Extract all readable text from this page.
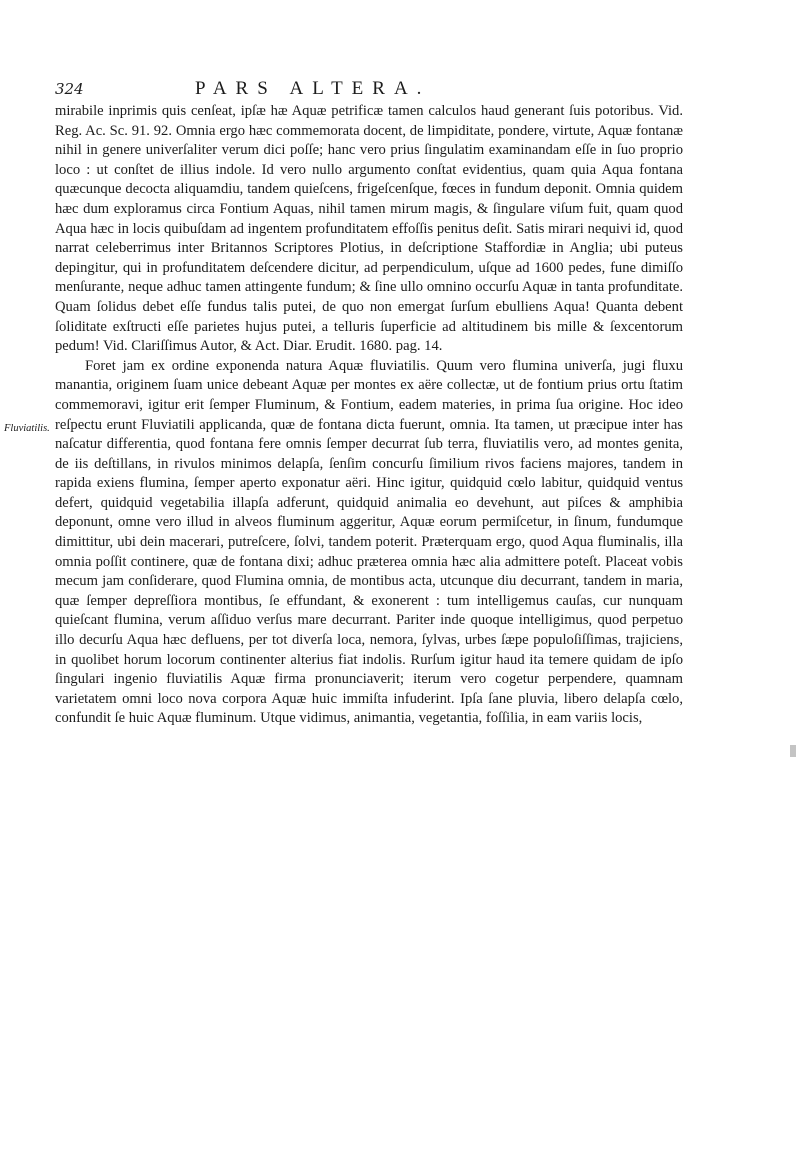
324	PARS ALTERA.
Fluviatilis.

mirabile inprimis quis cenſeat, ipſæ hæ Aquæ petrificæ tamen calculos haud generant ſuis potoribus. Vid. Reg. Ac. Sc. 91. 92. Omnia ergo hæc commemorata docent, de limpiditate, pondere, virtute, Aquæ fontanæ nihil in genere univerſaliter verum dici poſſe; hanc vero prius ſingulatim examinandam eſſe in ſuo proprio loco : ut conſtet de illius indole. Id vero nullo argumento conſtat evidentius, quam quia Aqua fontana quæcunque decocta aliquamdiu, tandem quieſcens, frigeſcenſque, fœces in fundum deponit. Omnia quidem hæc dum exploramus circa Fontium Aquas, nihil tamen mirum magis, & ſingulare viſum fuit, quam quod Aqua hæc in locis quibuſdam ad ingentem profunditatem effoſſis penitus deſit. Satis mirari nequivi id, quod narrat celeberrimus inter Britannos Scriptores Plotius, in deſcriptione Staffordiæ in Anglia; ubi puteus depingitur, qui in profunditatem deſcendere dicitur, ad perpendiculum, uſque ad 1600 pedes, fune dimiſſo menſurante, neque adhuc tamen attingente fundum; & ſine ullo omnino occurſu Aquæ in tanta profunditate. Quam ſolidus debet eſſe fundus talis putei, de quo non emergat ſurſum ebulliens Aqua! Quanta debent ſoliditate exſtructi eſſe parietes hujus putei, a telluris ſuperficie ad altitudinem bis mille & ſexcentorum pedum! Vid. Clariſſimus Autor, & Act. Diar. Erudit. 1680. pag. 14.

Foret jam ex ordine exponenda natura Aquæ fluviatilis. Quum vero flumina univerſa, jugi fluxu manantia, originem ſuam unice debeant Aquæ per montes ex aëre collectæ, ut de fontium prius ortu ſtatim commemoravi, igitur erit ſemper Fluminum, & Fontium, eadem materies, in prima ſua origine. Hoc ideo reſpectu erunt Fluviatili applicanda, quæ de fontana dicta fuerunt, omnia. Ita tamen, ut præcipue inter has naſcatur differentia, quod fontana fere omnis ſemper decurrat ſub terra, fluviatilis vero, ad montes genita, de iis deſtillans, in rivulos minimos delapſa, ſenſim concurſu ſimilium rivos faciens majores, tandem in rapida exiens flumina, ſemper aperto exponatur aëri. Hinc igitur, quidquid cœlo labitur, quidquid ventus defert, quidquid vegetabilia illapſa adferunt, quidquid animalia eo devehunt, aut piſces & amphibia deponunt, omne vero illud in alveos fluminum aggeritur, Aquæ eorum permiſcetur, in ſinum, fundumque dimittitur, ubi dein macerari, putreſcere, ſolvi, tandem poterit. Præterquam ergo, quod Aqua fluminalis, illa omnia poſſit continere, quæ de fontana dixi; adhuc præterea omnia hæc alia admittere poteſt. Placeat vobis mecum jam conſiderare, quod Flumina omnia, de montibus acta, utcunque diu decurrant, tandem in maria, quæ ſemper depreſſiora montibus, ſe effundant, & exonerent : tum intelligemus cauſas, cur nunquam quieſcant flumina, verum aſſiduo verſus mare decurrant. Pariter inde quoque intelligimus, quod perpetuo illo decurſu Aqua hæc defluens, per tot diverſa loca, nemora, ſylvas, urbes ſæpe populoſiſſimas, trajiciens, in quolibet horum locorum continenter alterius fiat indolis. Rurſum igitur haud ita temere quidam de ipſo ſingulari ingenio fluviatilis Aquæ firma pronunciaverit; iterum vero cogetur perpendere, quamnam varietatem omni loco nova corpora Aquæ huic immiſta infuderint. Ipſa ſane pluvia, libero delapſa cœlo, confundit ſe huic Aquæ fluminum. Utque vidimus, animantia, vegetantia, foſſilia, in eam variis locis,
